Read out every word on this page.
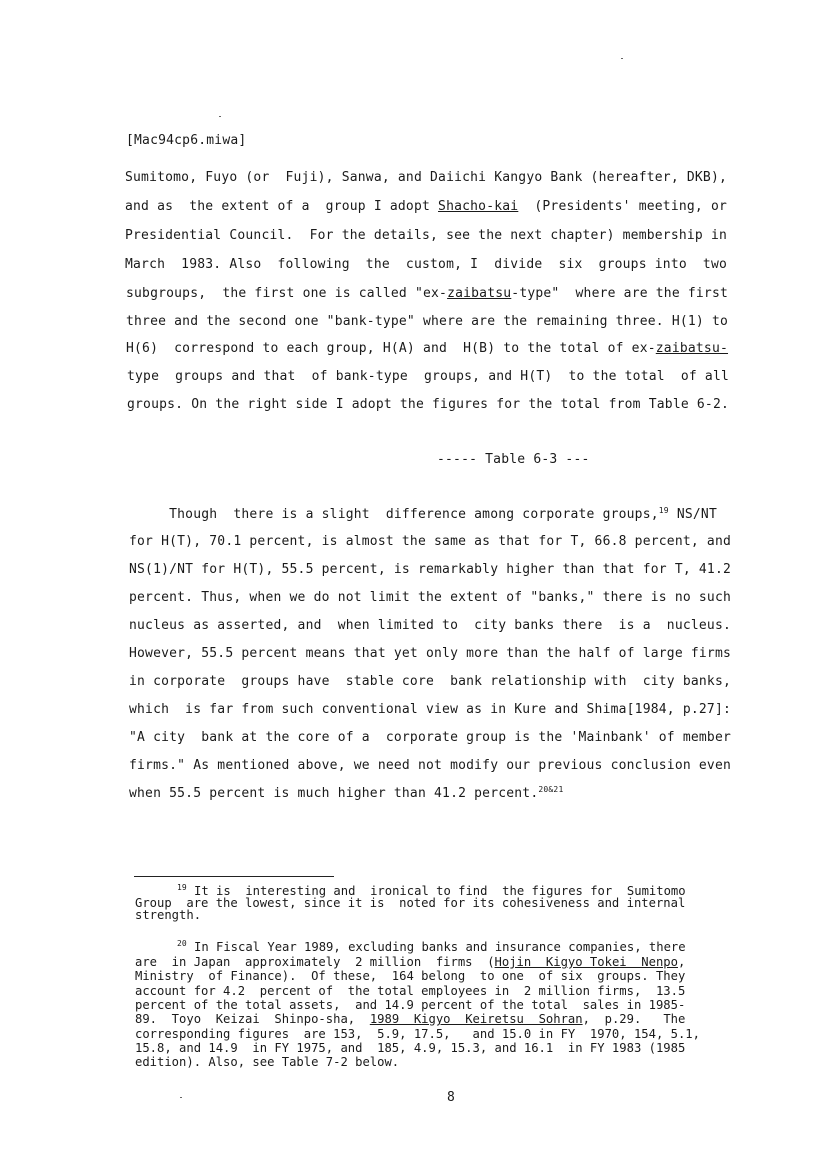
[Mac94cp6.miwa]
Sumitomo, Fuyo (or  Fuji), Sanwa, and Daiichi Kangyo Bank (hereafter, DKB),
and as  the extent of a  group I adopt Shacho-kai  (Presidents' meeting, or
Presidential Council.  For the details, see the next chapter) membership in
March  1983. Also  following  the  custom, I  divide  six  groups into  two
subgroups,  the first one is called "ex-zaibatsu-type"  where are the first
three and the second one "bank-type" where are the remaining three. H(1) to
H(6)  correspond to each group, H(A) and  H(B) to the total of ex-zaibatsu-
type  groups and that  of bank-type  groups, and H(T)  to the total  of all
groups. On the right side I adopt the figures for the total from Table 6-2.
----- Table 6-3 ---
Though  there is a slight  difference among corporate groups,$^{19}$ NS/NT
for H(T), 70.1 percent, is almost the same as that for T, 66.8 percent, and
NS(1)/NT for H(T), 55.5 percent, is remarkably higher than that for T, 41.2
percent. Thus, when we do not limit the extent of "banks," there is no such
nucleus as asserted, and  when limited to  city banks there  is a  nucleus.
However, 55.5 percent means that yet only more than the half of large firms
in corporate  groups have  stable core  bank relationship with  city banks,
which  is far from such conventional view as in Kure and Shima[1984, p.27]:
"A city  bank at the core of a  corporate group is the 'Mainbank' of member
firms." As mentioned above, we need not modify our previous conclusion even
when 55.5 percent is much higher than 41.2 percent.$^{20\&21}$
$^{19}$ It is  interesting and  ironical to find  the figures for  Sumitomo
Group  are the lowest, since it is  noted for its cohesiveness and internal
strength.
$^{20}$ In Fiscal Year 1989, excluding banks and insurance companies, there
are  in Japan  approximately  2 million  firms  (Hojin  Kigyo Tokei  Nenpo,
Ministry  of Finance).  Of these,  164 belong  to one  of six  groups. They
account for 4.2  percent of  the total employees in  2 million firms,  13.5
percent of the total assets,  and 14.9 percent of the total  sales in 1985-
89.  Toyo  Keizai  Shinpo-sha,  1989  Kigyo  Keiretsu  Sohran,  p.29.   The
corresponding figures  are 153,  5.9, 17.5,   and 15.0 in FY  1970, 154, 5.1,
15.8, and 14.9  in FY 1975, and  185, 4.9, 15.3, and 16.1  in FY 1983 (1985
edition). Also, see Table 7-2 below.
8
